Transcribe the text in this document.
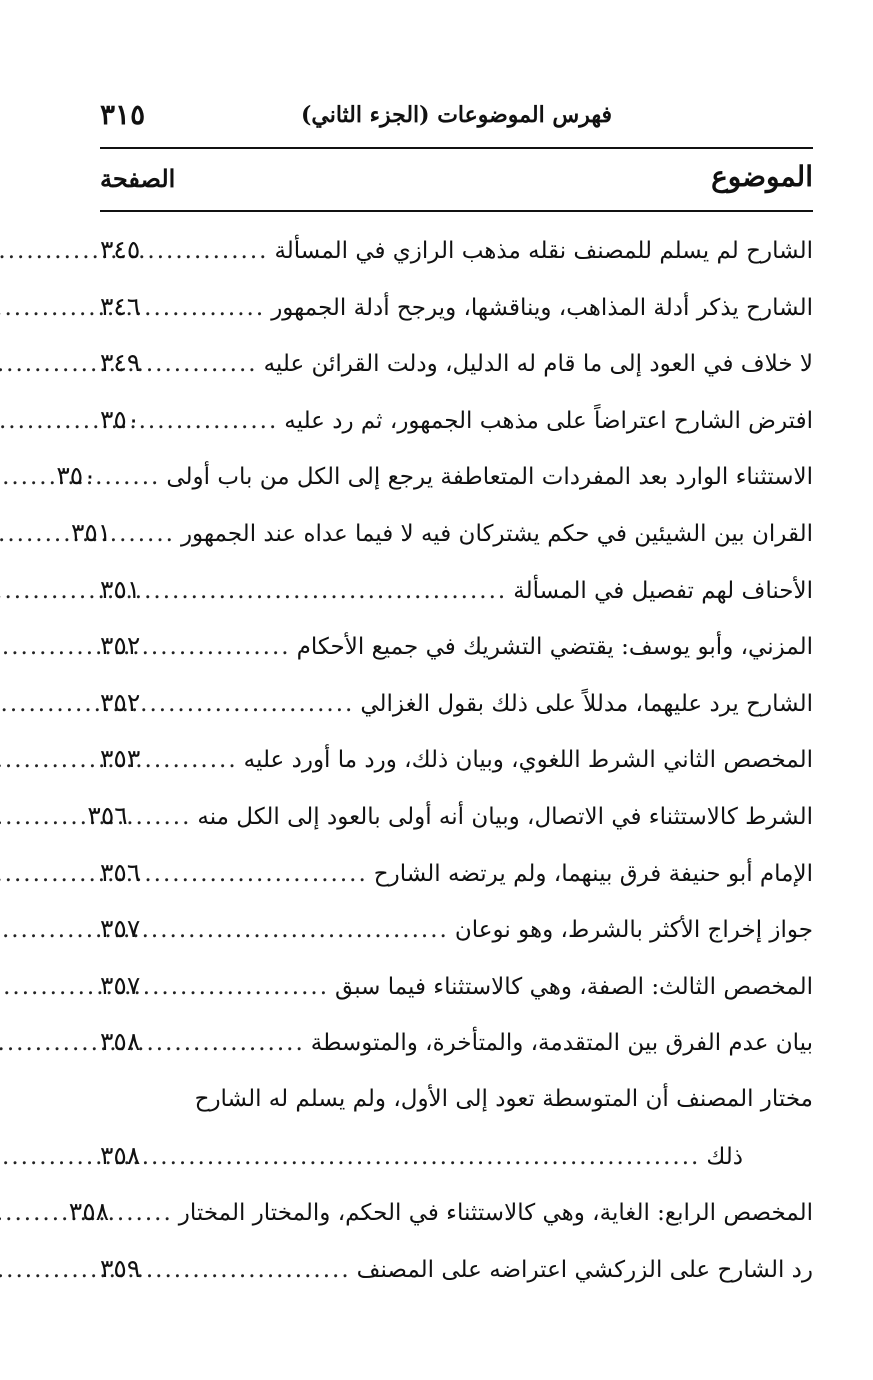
فهرس الموضوعات (الجزء الثاني)
٣١٥
الموضوع
الصفحة
الشارح لم يسلم للمصنف نقله مذهب الرازي في المسألة
.....
٣٤٥
الشارح يذكر أدلة المذاهب، ويناقشها، ويرجح أدلة الجمهور
.....
٣٤٦
لا خلاف في العود إلى ما قام له الدليل، ودلت القرائن عليه
.....
٣٤٩
افترض الشارح اعتراضاً على مذهب الجمهور، ثم رد عليه
.....
٣٥٠
الاستثناء الوارد بعد المفردات المتعاطفة يرجع إلى الكل من باب أولى
.....
٣٥٠
القران بين الشيئين في حكم يشتركان فيه لا فيما عداه عند الجمهور
.....
٣٥١
الأحناف لهم تفصيل في المسألة
.....
٣٥١
المزني، وأبو يوسف: يقتضي التشريك في جميع الأحكام
.....
٣٥٢
الشارح يرد عليهما، مدللاً على ذلك بقول الغزالي
.....
٣٥٢
المخصص الثاني الشرط اللغوي، وبيان ذلك، ورد ما أورد عليه
.....
٣٥٣
الشرط كالاستثناء في الاتصال، وبيان أنه أولى بالعود إلى الكل منه
.....
٣٥٦
الإمام أبو حنيفة فرق بينهما، ولم يرتضه الشارح
.....
٣٥٦
جواز إخراج الأكثر بالشرط، وهو نوعان
.....
٣٥٧
المخصص الثالث: الصفة، وهي كالاستثناء فيما سبق
.....
٣٥٧
بيان عدم الفرق بين المتقدمة، والمتأخرة، والمتوسطة
.....
٣٥٨
مختار المصنف أن المتوسطة تعود إلى الأول، ولم يسلم له الشارح
ذلك
.....
٣٥٨
المخصص الرابع: الغاية، وهي كالاستثناء في الحكم، والمختار المختار
.....
٣٥٨
رد الشارح على الزركشي اعتراضه على المصنف
.....
٣٥٩
